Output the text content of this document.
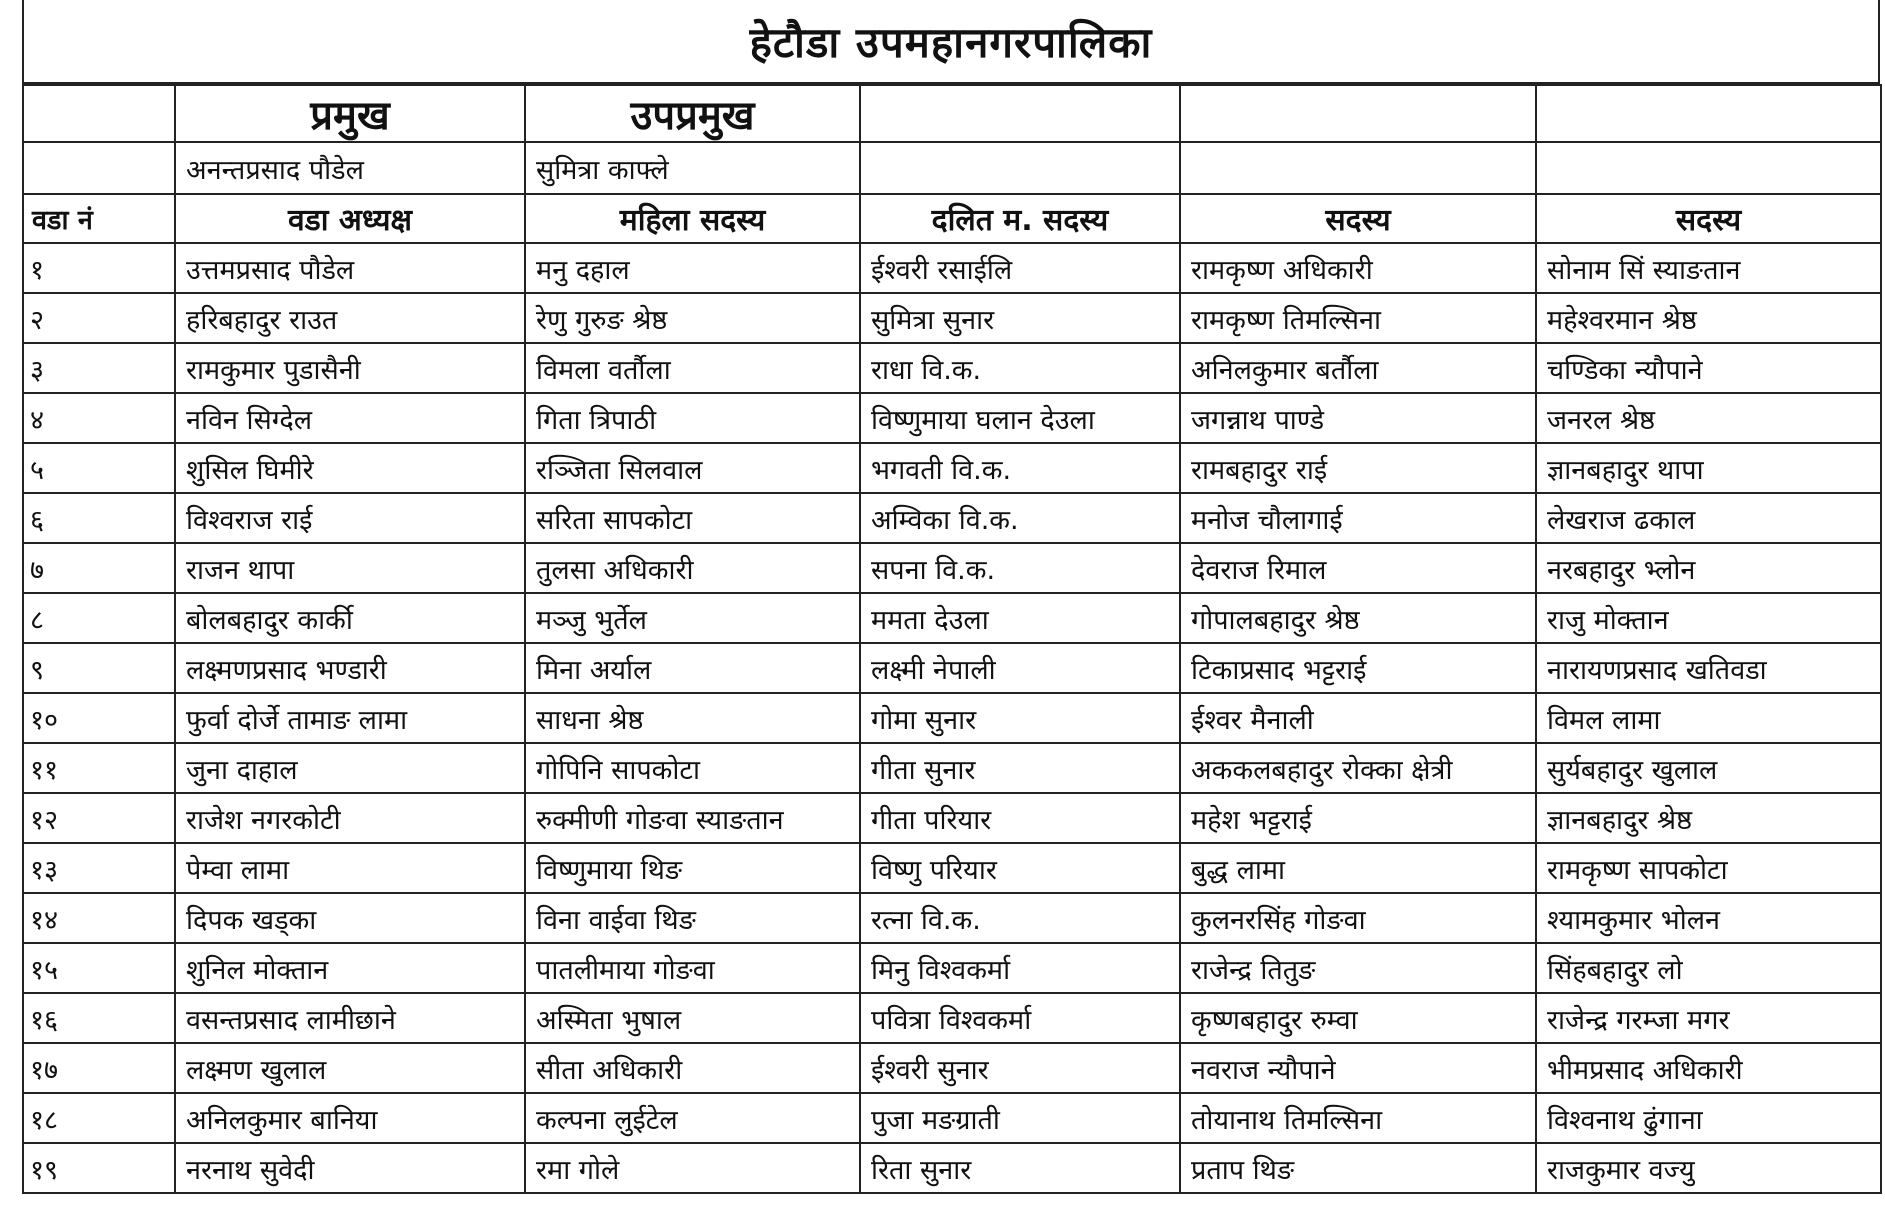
हेटौडा उपमहानगरपालिका
	प्रमुख	उपप्रमुख			
	अनन्तप्रसाद पौडेल	सुमित्रा काफ्ले			
वडा नं	वडा अध्यक्ष	महिला सदस्य	दलित म. सदस्य	सदस्य	सदस्य
१	उत्तमप्रसाद पौडेल	मनु दहाल	ईश्वरी रसाईलि	रामकृष्ण अधिकारी	सोनाम सिं स्याङतान
२	हरिबहादुर राउत	रेणु गुरुङ श्रेष्ठ	सुमित्रा सुनार	रामकृष्ण तिमल्सिना	महेश्वरमान श्रेष्ठ
३	रामकुमार पुडासैनी	विमला वर्तौला	राधा वि.क.	अनिलकुमार बर्तौला	चण्डिका न्यौपाने
४	नविन सिग्देल	गिता त्रिपाठी	विष्णुमाया घलान देउला	जगन्नाथ पाण्डे	जनरल श्रेष्ठ
५	शुसिल घिमीरे	रञ्जिता सिलवाल	भगवती वि.क.	रामबहादुर राई	ज्ञानबहादुर थापा
६	विश्वराज राई	सरिता सापकोटा	अम्विका वि.क.	मनोज चौलागाई	लेखराज ढकाल
७	राजन थापा	तुलसा अधिकारी	सपना वि.क.	देवराज रिमाल	नरबहादुर भ्लोन
८	बोलबहादुर कार्की	मञ्जु भुर्तेल	ममता देउला	गोपालबहादुर श्रेष्ठ	राजु मोक्तान
९	लक्ष्मणप्रसाद भण्डारी	मिना अर्याल	लक्ष्मी नेपाली	टिकाप्रसाद भट्टराई	नारायणप्रसाद खतिवडा
१०	फुर्वा दोर्जे तामाङ लामा	साधना श्रेष्ठ	गोमा सुनार	ईश्वर मैनाली	विमल लामा
११	जुना दाहाल	गोपिनि सापकोटा	गीता सुनार	अककलबहादुर रोक्का क्षेत्री	सुर्यबहादुर खुलाल
१२	राजेश नगरकोटी	रुक्मीणी गोङवा स्याङतान	गीता परियार	महेश भट्टराई	ज्ञानबहादुर श्रेष्ठ
१३	पेम्वा लामा	विष्णुमाया थिङ	विष्णु परियार	बुद्ध लामा	रामकृष्ण सापकोटा
१४	दिपक खड्का	विना वाईवा थिङ	रत्ना वि.क.	कुलनरसिंह गोङवा	श्यामकुमार भोलन
१५	शुनिल मोक्तान	पातलीमाया गोङवा	मिनु विश्वकर्मा	राजेन्द्र तितुङ	सिंहबहादुर लो
१६	वसन्तप्रसाद लामीछाने	अस्मिता भुषाल	पवित्रा विश्वकर्मा	कृष्णबहादुर रुम्वा	राजेन्द्र गरम्जा मगर
१७	लक्ष्मण खुलाल	सीता अधिकारी	ईश्वरी सुनार	नवराज न्यौपाने	भीमप्रसाद अधिकारी
१८	अनिलकुमार बानिया	कल्पना लुईटेल	पुजा मङग्राती	तोयानाथ तिमल्सिना	विश्वनाथ ढुंगाना
१९	नरनाथ सुवेदी	रमा गोले	रिता सुनार	प्रताप थिङ	राजकुमार वज्यु
